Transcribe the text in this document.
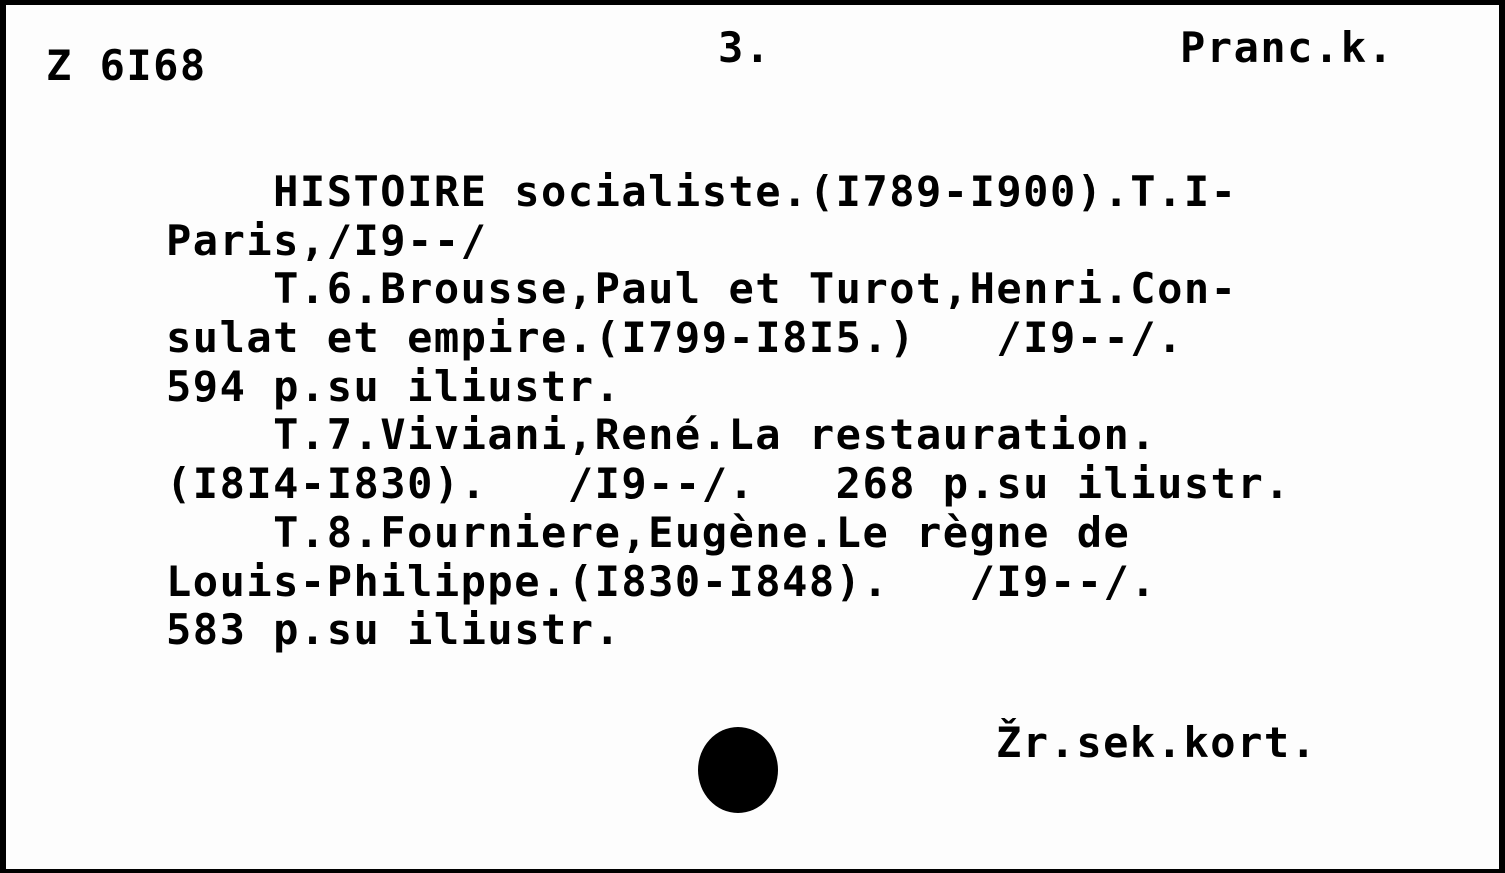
Z 6I68	3.	Pranc.k.
HISTOIRE socialiste.(I789-I900).T.I-
Paris,/I9--/
T.6.Brousse,Paul et Turot,Henri.Con-
sulat et empire.(I799-I8I5.)   /I9--/.
594 p.su iliustr.
T.7.Viviani,René.La restauration.
(I8I4-I830).   /I9--/.   268 p.su iliustr.
T.8.Fourniere,Eugène.Le règne de
Louis-Philippe.(I830-I848).   /I9--/.
583 p.su iliustr.
Žr.sek.kort.
